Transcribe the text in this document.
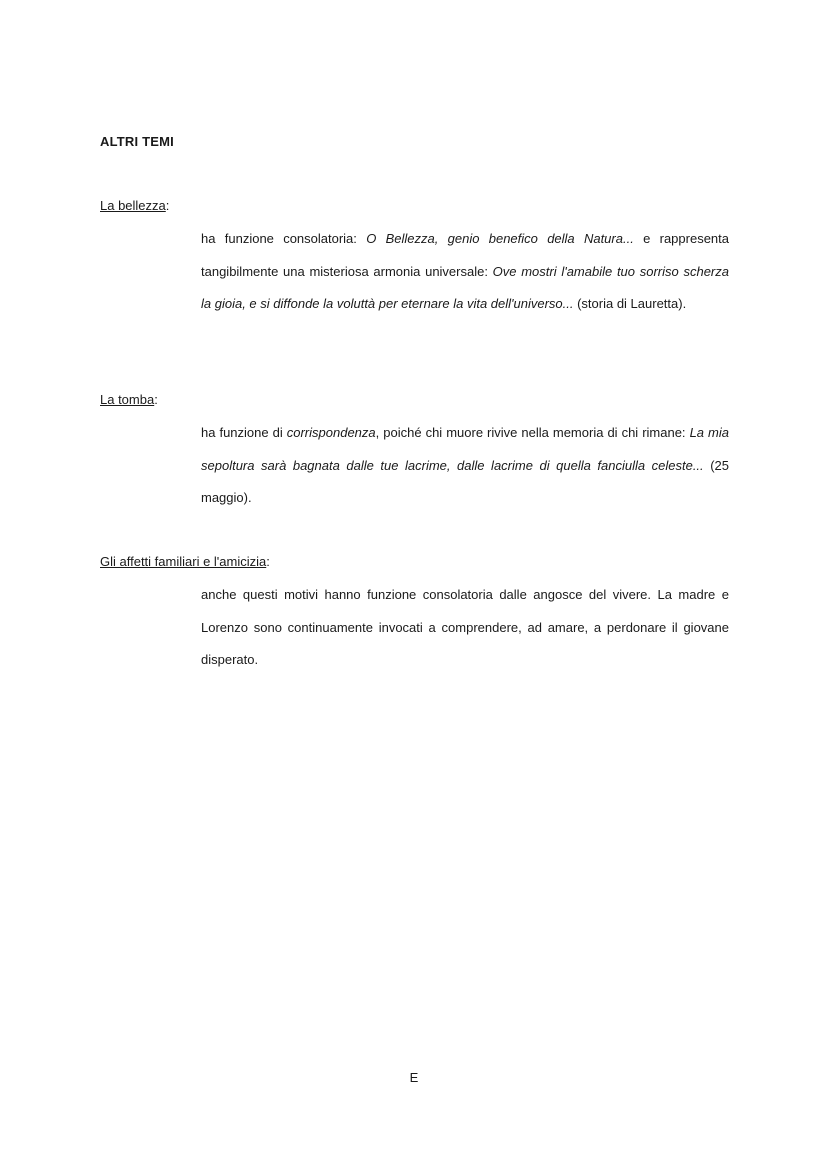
ALTRI TEMI
La bellezza:
ha funzione consolatoria: O Bellezza, genio benefico della Natura... e rappresenta tangibilmente una misteriosa armonia universale: Ove mostri l'amabile tuo sorriso scherza la gioia, e si diffonde la voluttà per eternare la vita dell'universo... (storia di Lauretta).
La tomba:
ha funzione di corrispondenza, poiché chi muore rivive nella memoria di chi rimane: La mia sepoltura sarà bagnata dalle tue lacrime, dalle lacrime di quella fanciulla celeste... (25 maggio).
Gli affetti familiari e l'amicizia:
anche questi motivi hanno funzione consolatoria dalle angosce del vivere. La madre e Lorenzo sono continuamente invocati a comprendere, ad amare, a perdonare il giovane disperato.
E
